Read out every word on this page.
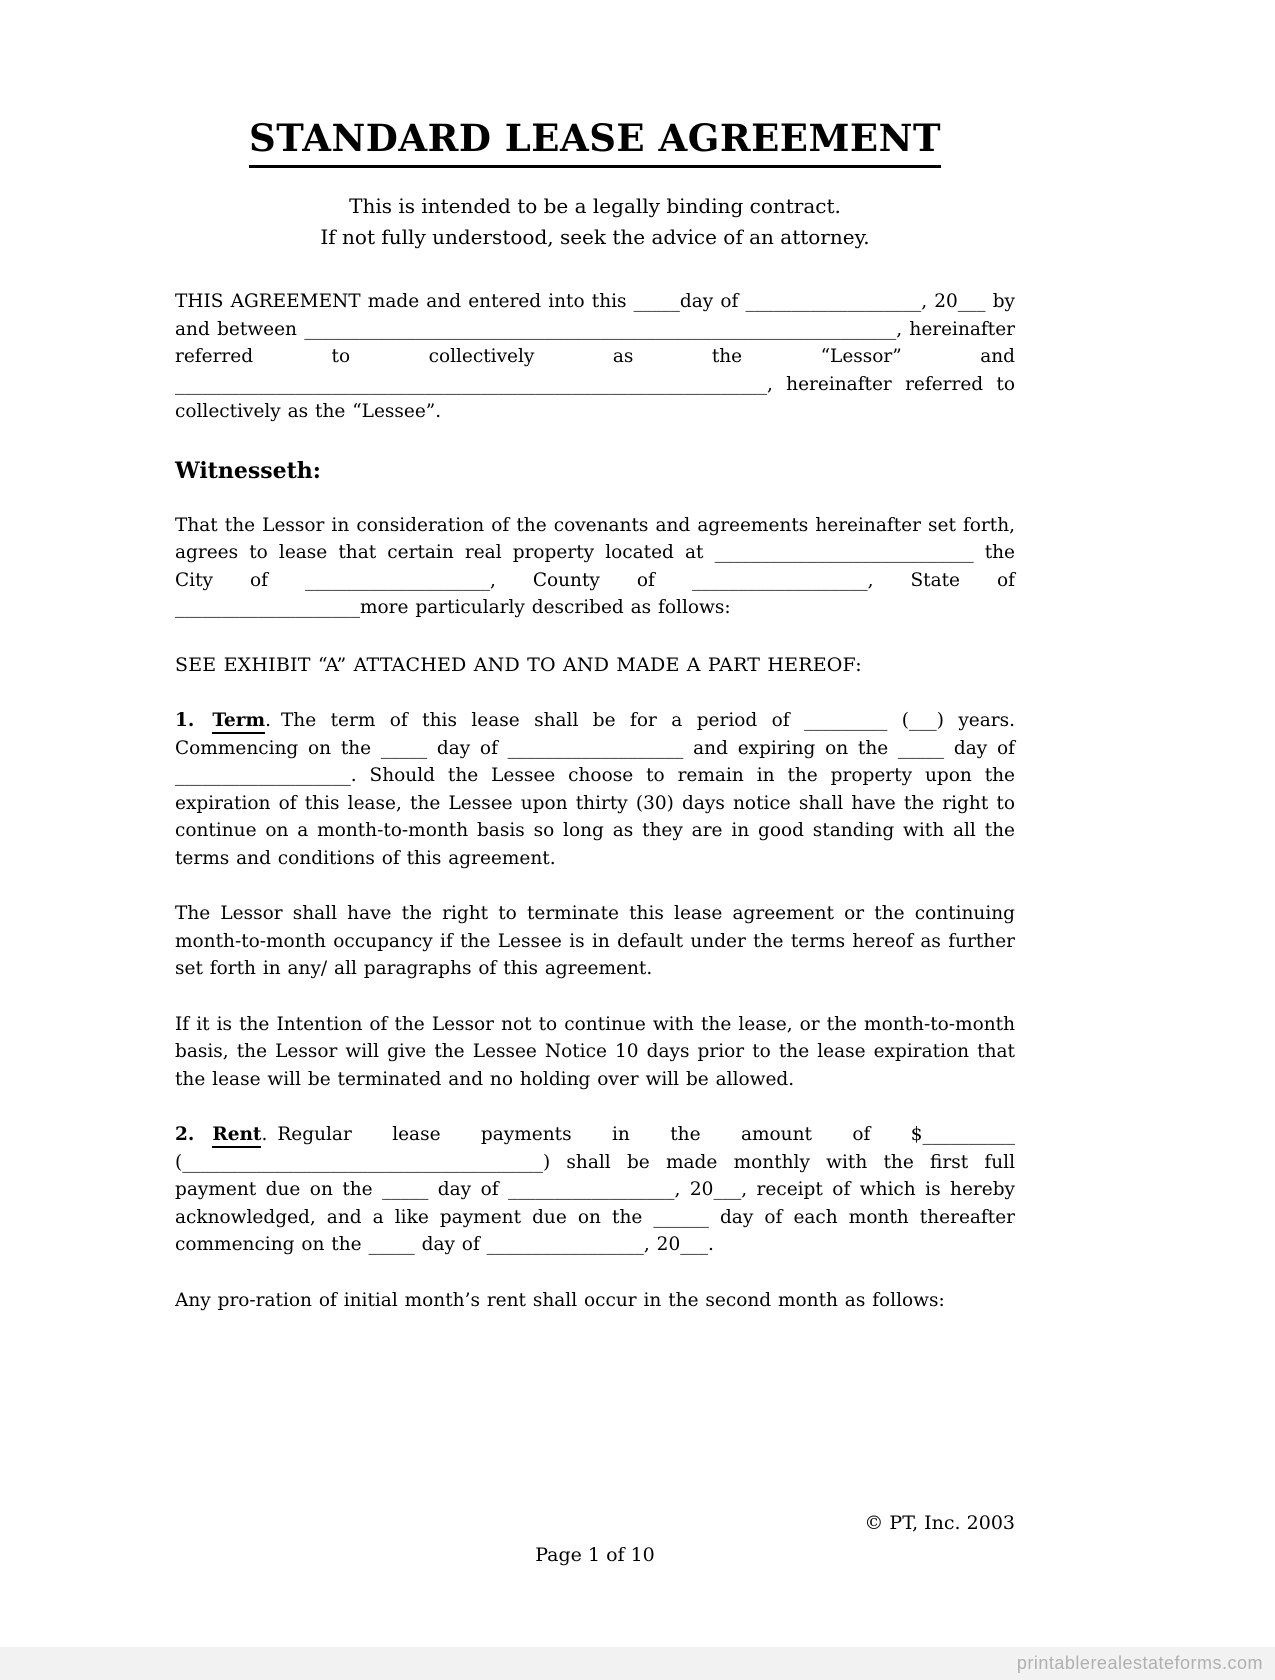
STANDARD LEASE AGREEMENT
This is intended to be a legally binding contract.
If not fully understood, seek the advice of an attorney.

THIS AGREEMENT made and entered into this _____day of ___________________, 20___ by and between ________________________________________________________________, hereinafter referred to collectively as the “Lessor” and ________________________________________________________________, hereinafter referred to collectively as the “Lessee”.

Witnesseth:

That the Lessor in consideration of the covenants and agreements hereinafter set forth, agrees to lease that certain real property located at ____________________________ the City of ____________________, County of ___________________, State of ____________________more particularly described as follows:

SEE EXHIBIT “A” ATTACHED AND TO AND MADE A PART HEREOF:

1. Term. The term of this lease shall be for a period of _________ (___) years. Commencing on the _____ day of ___________________ and expiring on the _____ day of ___________________. Should the Lessee choose to remain in the property upon the expiration of this lease, the Lessee upon thirty (30) days notice shall have the right to continue on a month-to-month basis so long as they are in good standing with all the terms and conditions of this agreement.

The Lessor shall have the right to terminate this lease agreement or the continuing month-to-month occupancy if the Lessee is in default under the terms hereof as further set forth in any/ all paragraphs of this agreement.

If it is the Intention of the Lessor not to continue with the lease, or the month-to-month basis, the Lessor will give the Lessee Notice 10 days prior to the lease expiration that the lease will be terminated and no holding over will be allowed.

2. Rent. Regular lease payments in the amount of $__________ (_______________________________________) shall be made monthly with the first full payment due on the _____ day of __________________, 20___, receipt of which is hereby acknowledged, and a like payment due on the ______ day of each month thereafter commencing on the _____ day of _________________, 20___.

Any pro-ration of initial month’s rent shall occur in the second month as follows:

© PT, Inc. 2003
Page 1 of 10
printablerealestateforms.com
